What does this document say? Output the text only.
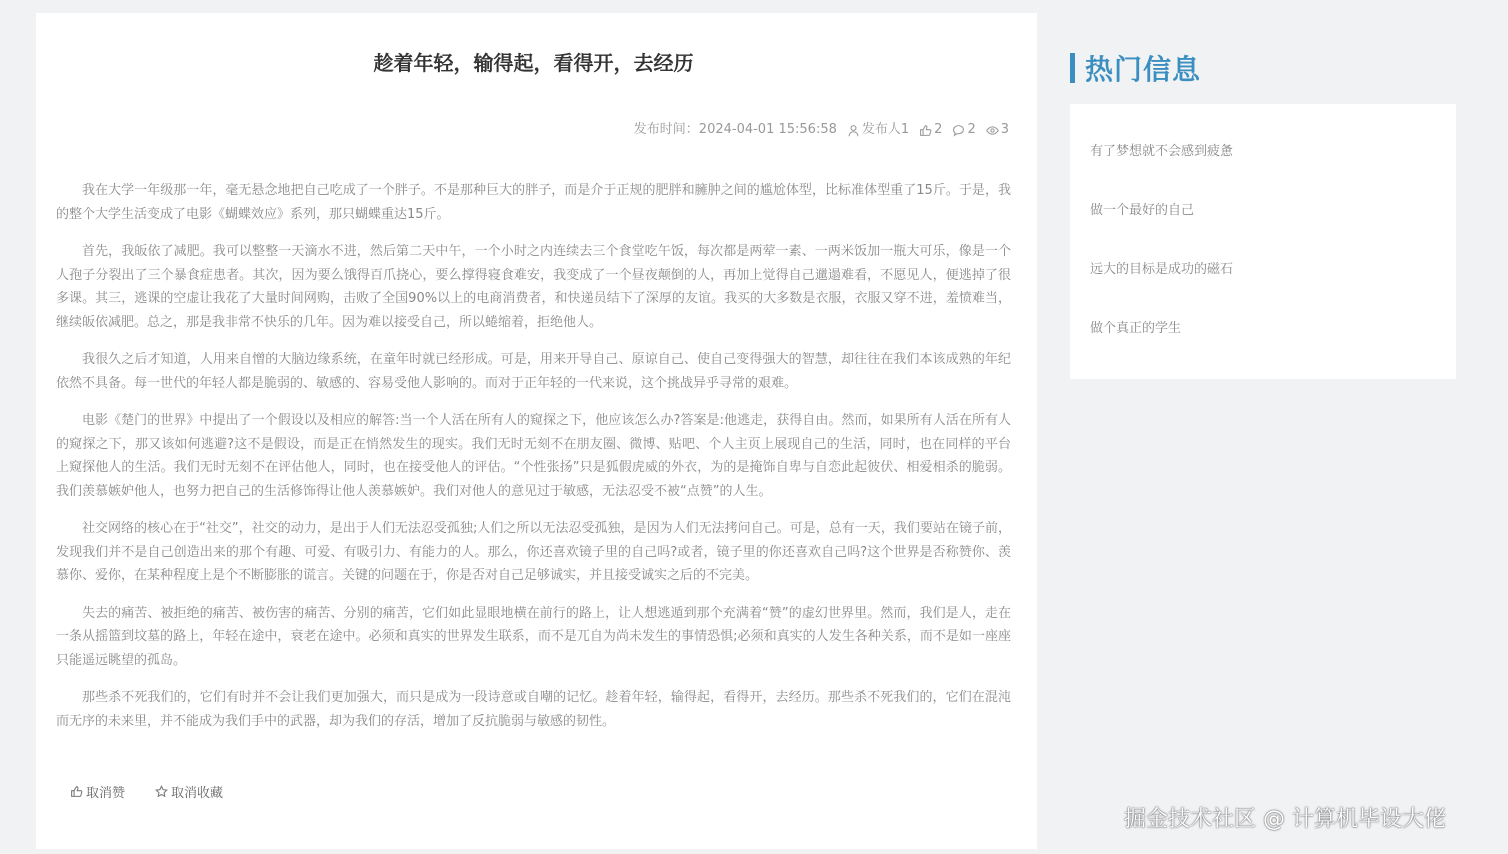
趁着年轻，输得起，看得开，去经历
发布时间：2024-04-01 15:56:58 发布人1 2 2 3

我在大学一年级那一年，毫无悬念地把自己吃成了一个胖子。不是那种巨大的胖子，而是介于正规的肥胖和臃肿之间的尴尬体型，比标准体型重了15斤。于是，我的整个大学生活变成了电影《蝴蝶效应》系列，那只蝴蝶重达15斤。

首先，我皈依了减肥。我可以整整一天滴水不进，然后第二天中午，一个小时之内连续去三个食堂吃午饭，每次都是两荤一素、一两米饭加一瓶大可乐，像是一个人孢子分裂出了三个暴食症患者。其次，因为要么饿得百爪挠心，要么撑得寝食难安，我变成了一个昼夜颠倒的人，再加上觉得自己邋遢难看，不愿见人，便逃掉了很多课。其三，逃课的空虚让我花了大量时间网购，击败了全国90%以上的电商消费者，和快递员结下了深厚的友谊。我买的大多数是衣服，衣服又穿不进，羞愤难当，继续皈依减肥。总之，那是我非常不快乐的几年。因为难以接受自己，所以蜷缩着，拒绝他人。

我很久之后才知道，人用来自憎的大脑边缘系统，在童年时就已经形成。可是，用来开导自己、原谅自己、使自己变得强大的智慧，却往往在我们本该成熟的年纪依然不具备。每一世代的年轻人都是脆弱的、敏感的、容易受他人影响的。而对于正年轻的一代来说，这个挑战异乎寻常的艰难。

电影《楚门的世界》中提出了一个假设以及相应的解答:当一个人活在所有人的窥探之下，他应该怎么办?答案是:他逃走，获得自由。然而，如果所有人活在所有人的窥探之下，那又该如何逃避?这不是假设，而是正在悄然发生的现实。我们无时无刻不在朋友圈、微博、贴吧、个人主页上展现自己的生活，同时，也在同样的平台上窥探他人的生活。我们无时无刻不在评估他人，同时，也在接受他人的评估。“个性张扬”只是狐假虎威的外衣，为的是掩饰自卑与自恋此起彼伏、相爱相杀的脆弱。我们羡慕嫉妒他人，也努力把自己的生活修饰得让他人羡慕嫉妒。我们对他人的意见过于敏感，无法忍受不被“点赞”的人生。

社交网络的核心在于“社交”，社交的动力，是出于人们无法忍受孤独;人们之所以无法忍受孤独，是因为人们无法拷问自己。可是，总有一天，我们要站在镜子前，发现我们并不是自己创造出来的那个有趣、可爱、有吸引力、有能力的人。那么，你还喜欢镜子里的自己吗?或者，镜子里的你还喜欢自己吗?这个世界是否称赞你、羡慕你、爱你，在某种程度上是个不断膨胀的谎言。关键的问题在于，你是否对自己足够诚实，并且接受诚实之后的不完美。

失去的痛苦、被拒绝的痛苦、被伤害的痛苦、分别的痛苦，它们如此显眼地横在前行的路上，让人想逃遁到那个充满着“赞”的虚幻世界里。然而，我们是人，走在一条从摇篮到坟墓的路上，年轻在途中，衰老在途中。必须和真实的世界发生联系，而不是兀自为尚未发生的事情恐惧;必须和真实的人发生各种关系，而不是如一座座只能遥远眺望的孤岛。

那些杀不死我们的，它们有时并不会让我们更加强大，而只是成为一段诗意或自嘲的记忆。趁着年轻，输得起，看得开，去经历。那些杀不死我们的，它们在混沌而无序的未来里，并不能成为我们手中的武器，却为我们的存活，增加了反抗脆弱与敏感的韧性。

取消赞	取消收藏
热门信息
有了梦想就不会感到疲惫
做一个最好的自己
远大的目标是成功的磁石
做个真正的学生
掘金技术社区 @ 计算机毕设大佬
